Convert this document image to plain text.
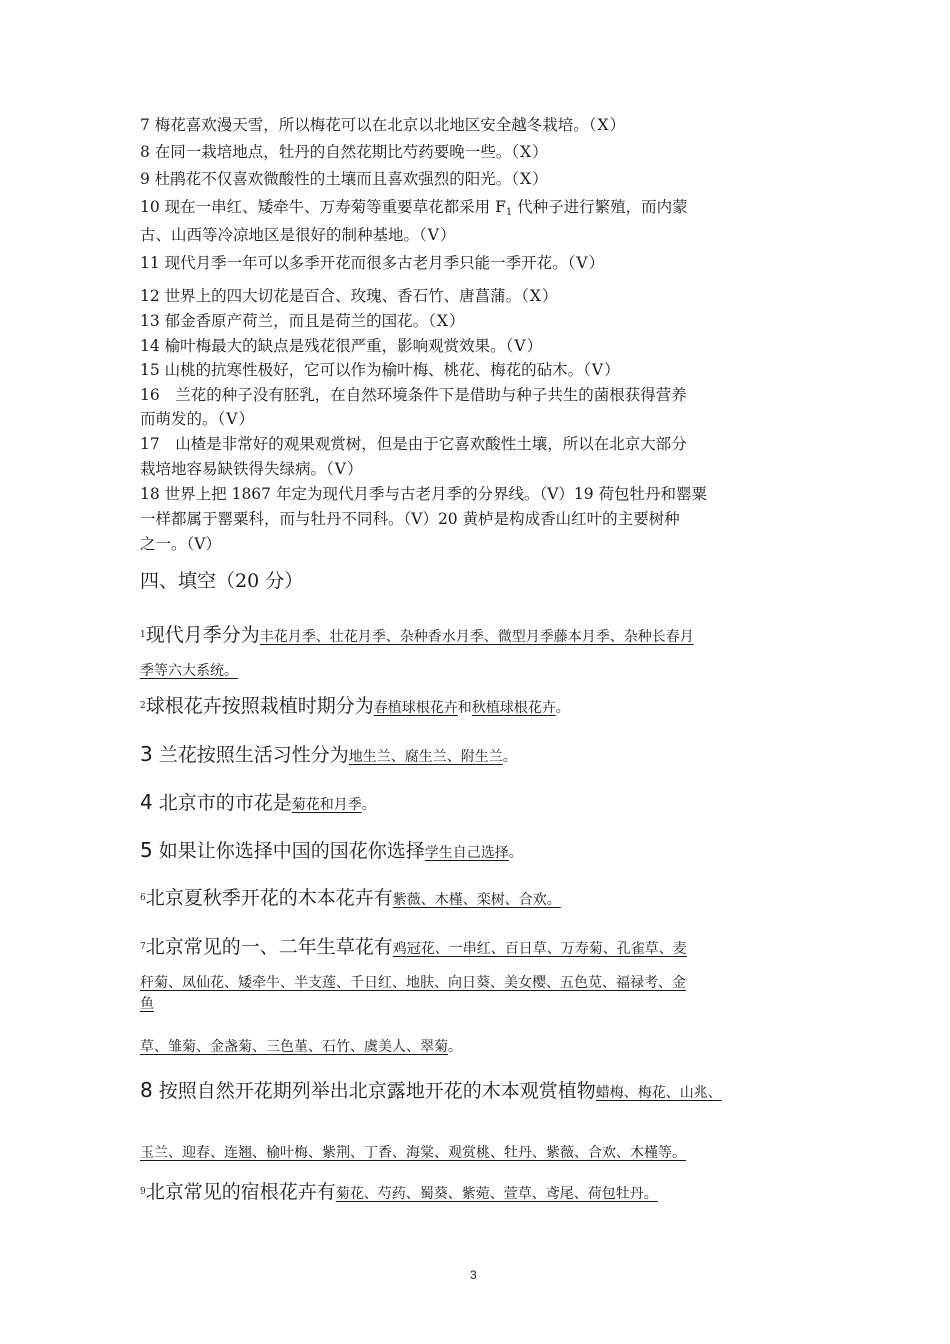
7 梅花喜欢漫天雪，所以梅花可以在北京以北地区安全越冬栽培。（X）

8 在同一栽培地点，牡丹的自然花期比芍药要晚一些。（X）

9 杜鹃花不仅喜欢微酸性的土壤而且喜欢强烈的阳光。（X）

10 现在一串红、矮牵牛、万寿菊等重要草花都采用 $F_1$ 代种子进行繁殖，而内蒙

古、山西等冷凉地区是很好的制种基地。（V）

11 现代月季一年可以多季开花而很多古老月季只能一季开花。（V）

12 世界上的四大切花是百合、玫瑰、香石竹、唐菖蒲。（X）

13 郁金香原产荷兰，而且是荷兰的国花。（X）

14 榆叶梅最大的缺点是残花很严重，影响观赏效果。（V）

15 山桃的抗寒性极好，它可以作为榆叶梅、桃花、梅花的砧木。（V）

16　兰花的种子没有胚乳，在自然环境条件下是借助与种子共生的菌根获得营养

而萌发的。（V）

17　山楂是非常好的观果观赏树，但是由于它喜欢酸性土壤，所以在北京大部分

栽培地容易缺铁得失绿病。（V）

18 世界上把 1867 年定为现代月季与古老月季的分界线。（V）19 荷包牡丹和罂粟

一样都属于罂粟科，而与牡丹不同科。（V）20 黄栌是构成香山红叶的主要树种

之一。（V）

四、填空（20 分）

$^1$现代月季分为丰花月季、壮花月季、杂种香水月季、微型月季藤本月季、杂种长春月
季等六大系统。
$^2$球根花卉按照栽植时期分为春植球根花卉和秋植球根花卉。
3 兰花按照生活习性分为地生兰、腐生兰、附生兰。
4 北京市的市花是菊花和月季。
5 如果让你选择中国的国花你选择学生自己选择。
$^6$北京夏秋季开花的木本花卉有紫薇、木槿、栾树、合欢。
$^7$北京常见的一、二年生草花有鸡冠花、一串红、百日草、万寿菊、孔雀草、麦
秆菊、凤仙花、矮牵牛、半支莲、千日红、地肤、向日葵、美女樱、五色苋、福禄考、金
鱼
草、雏菊、金盏菊、三色堇、石竹、虞美人、翠菊。
8 按照自然开花期列举出北京露地开花的木本观赏植物蜡梅、梅花、山兆、
玉兰、迎春、连翘、榆叶梅、紫荆、丁香、海棠、观赏桃、牡丹、紫薇、合欢、木槿等。
$^9$北京常见的宿根花卉有菊花、芍药、蜀葵、紫菀、萱草、鸢尾、荷包牡丹。
3
